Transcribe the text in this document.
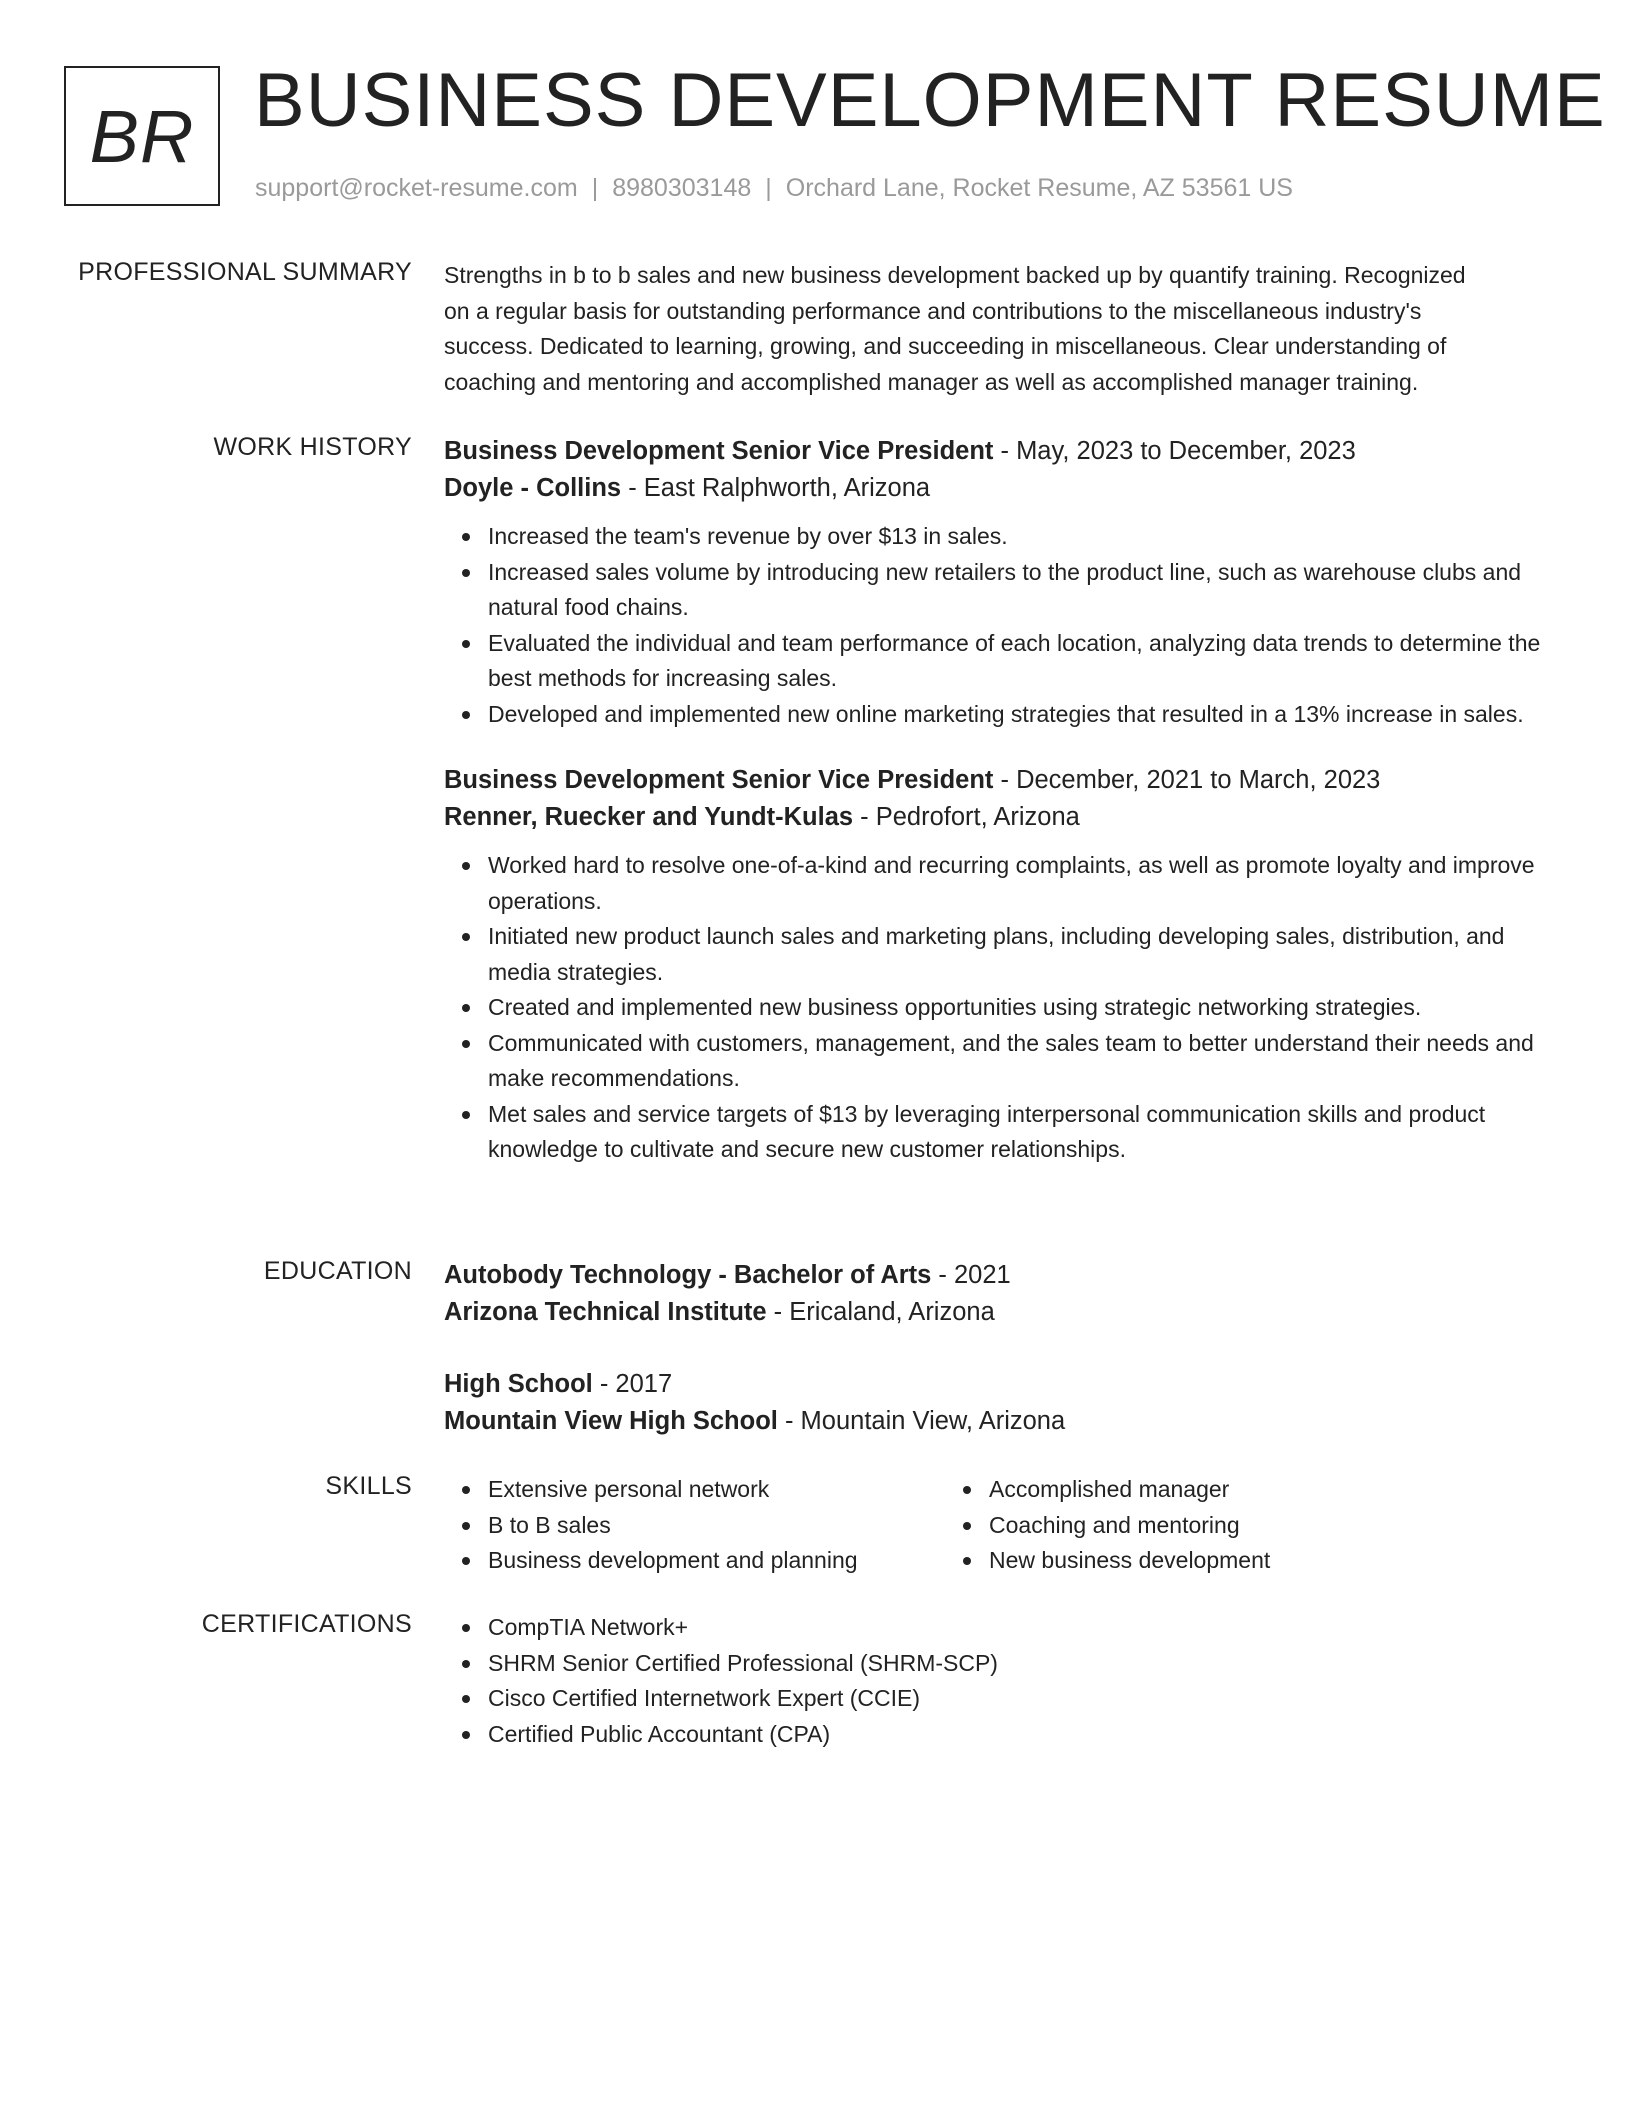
BR BUSINESS DEVELOPMENT RESUME
support@rocket-resume.com | 8980303148 | Orchard Lane, Rocket Resume, AZ 53561 US
PROFESSIONAL SUMMARY Strengths in b to b sales and new business development backed up by quantify training. Recognized
on a regular basis for outstanding performance and contributions to the miscellaneous industry's
success. Dedicated to learning, growing, and succeeding in miscellaneous. Clear understanding of
coaching and mentoring and accomplished manager as well as accomplished manager training.
WORK HISTORY Business Development Senior Vice President - May, 2023 to December, 2023
Doyle - Collins - East Ralphworth, Arizona
Increased the team's revenue by over $13 in sales.
Increased sales volume by introducing new retailers to the product line, such as warehouse clubs and natural food chains.
Evaluated the individual and team performance of each location, analyzing data trends to determine the best methods for increasing sales.
Developed and implemented new online marketing strategies that resulted in a 13% increase in sales.
Business Development Senior Vice President - December, 2021 to March, 2023
Renner, Ruecker and Yundt-Kulas - Pedrofort, Arizona
Worked hard to resolve one-of-a-kind and recurring complaints, as well as promote loyalty and improve operations.
Initiated new product launch sales and marketing plans, including developing sales, distribution, and media strategies.
Created and implemented new business opportunities using strategic networking strategies.
Communicated with customers, management, and the sales team to better understand their needs and make recommendations.
Met sales and service targets of $13 by leveraging interpersonal communication skills and product knowledge to cultivate and secure new customer relationships.
EDUCATION Autobody Technology - Bachelor of Arts - 2021
Arizona Technical Institute - Ericaland, Arizona
High School - 2017
Mountain View High School - Mountain View, Arizona
SKILLS	Extensive personal network
B to B sales
Business development and planning
Accomplished manager
Coaching and mentoring
New business development
CERTIFICATIONS	CompTIA Network+
SHRM Senior Certified Professional (SHRM-SCP)
Cisco Certified Internetwork Expert (CCIE)
Certified Public Accountant (CPA)
